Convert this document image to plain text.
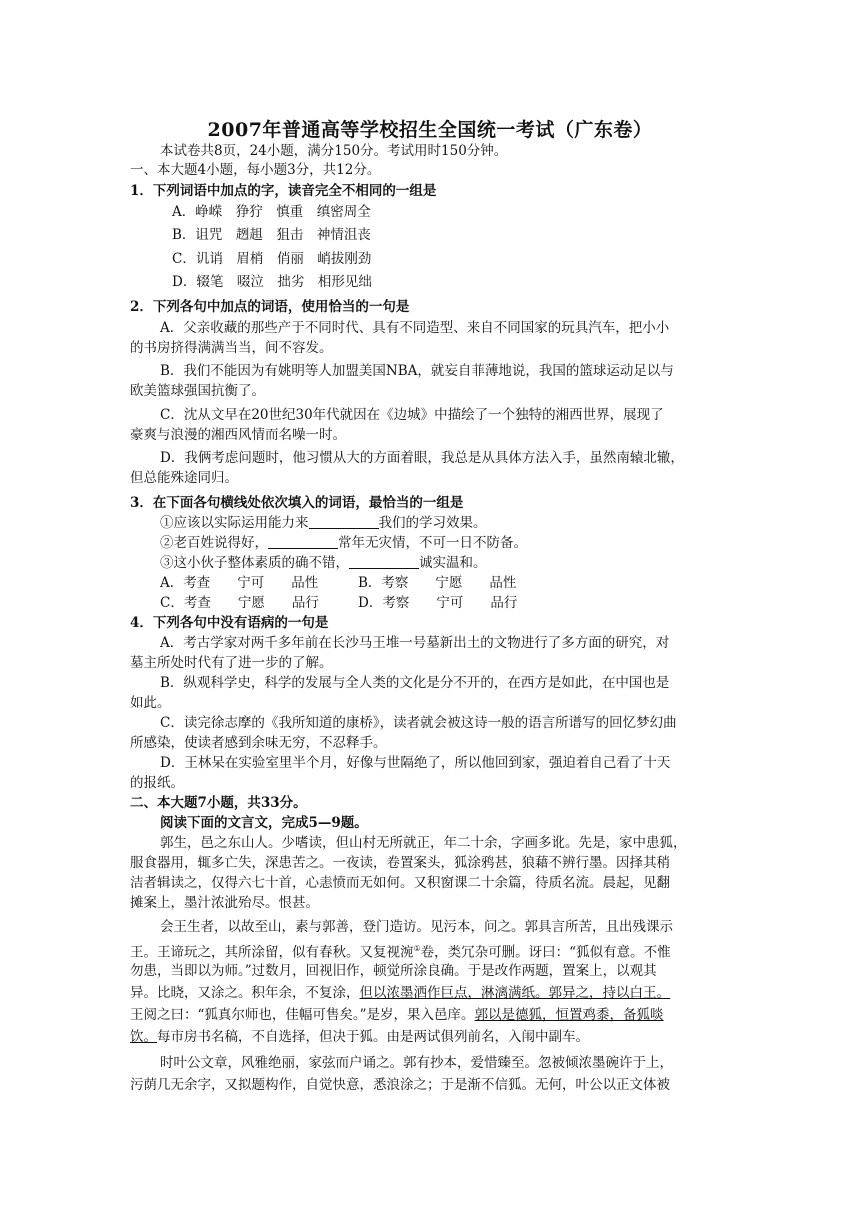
2007年普通高等学校招生全国统一考试（广东卷）
本试卷共8页，24小题，满分150分。考试用时150分钟。
一、本大题4小题，每小题3分，共12分。
1．下列词语中加点的字，读音完全不相同的一组是
A．峥嵘　狰狞　慎重　缜密周全
B．诅咒　趔趄　狙击　神情沮丧
C．讥诮　眉梢　俏丽　峭拔刚劲
D．辍笔　啜泣　拙劣　相形见绌
2．下列各句中加点的词语，使用恰当的一句是
A．父亲收藏的那些产于不同时代、具有不同造型、来自不同国家的玩具汽车，把小小
的书房挤得满满当当，间不容发。
B．我们不能因为有姚明等人加盟美国NBA，就妄自菲薄地说，我国的篮球运动足以与
欧美篮球强国抗衡了。
C．沈从文早在20世纪30年代就因在《边城》中描绘了一个独特的湘西世界，展现了
豪爽与浪漫的湘西风情而名噪一时。
D．我俩考虑问题时，他习惯从大的方面着眼，我总是从具体方法入手，虽然南辕北辙，
但总能殊途同归。
3．在下面各句横线处依次填入的词语，最恰当的一组是
①应该以实际运用能力来	我们的学习效果。
②老百姓说得好，	常年无灾情，不可一日不防备。
③这小伙子整体素质的确不错，	诚实温和。
A．考查　　宁可　　品性	B．考察　　宁愿　　品性
C．考查　　宁愿　　品行	D．考察　　宁可　　品行
4．下列各句中没有语病的一句是
A．考古学家对两千多年前在长沙马王堆一号墓新出土的文物进行了多方面的研究，对
墓主所处时代有了进一步的了解。
B．纵观科学史，科学的发展与全人类的文化是分不开的，在西方是如此，在中国也是
如此。
C．读完徐志摩的《我所知道的康桥》，读者就会被这诗一般的语言所谱写的回忆梦幻曲
所感染，使读者感到余味无穷，不忍释手。
D．王林呆在实验室里半个月，好像与世隔绝了，所以他回到家，强迫着自己看了十天
的报纸。
二、本大题7小题，共33分。
阅读下面的文言文，完成5—9题。
郭生，邑之东山人。少嗜读，但山村无所就正，年二十余，字画多讹。先是，家中患狐，
服食器用，辄多亡失，深患苦之。一夜读，卷置案头，狐涂鸦甚，狼藉不辨行墨。因择其稍
洁者辑读之，仅得六七十首，心恚愤而无如何。又积窗课二十余篇，待质名流。晨起，见翻
摊案上，墨汁浓泚殆尽。恨甚。
会王生者，以故至山，素与郭善，登门造访。见污本，问之。郭具言所苦，且出残课示
王。王谛玩之，其所涂留，似有春秋。又复视涴①卷，类冗杂可删。讶曰：“狐似有意。不惟
勿患，当即以为师。”过数月，回视旧作，顿觉所涂良确。于是改作两题，置案上，以观其
异。比晓，又涂之。积年余，不复涂，但以浓墨洒作巨点，淋漓满纸。郭异之，持以白王。
王阅之曰：“狐真尔师也，佳幅可售矣。”是岁，果入邑庠。郭以是德狐，恒置鸡黍，备狐啖
饮。每市房书名稿，不自选择，但决于狐。由是两试俱列前名，入闱中副车。
时叶公文章，风雅绝丽，家弦而户诵之。郭有抄本，爱惜臻至。忽被倾浓墨碗许于上，
污荫几无余字，又拟题构作，自觉快意，悉浪涂之；于是渐不信狐。无何，叶公以正文体被
